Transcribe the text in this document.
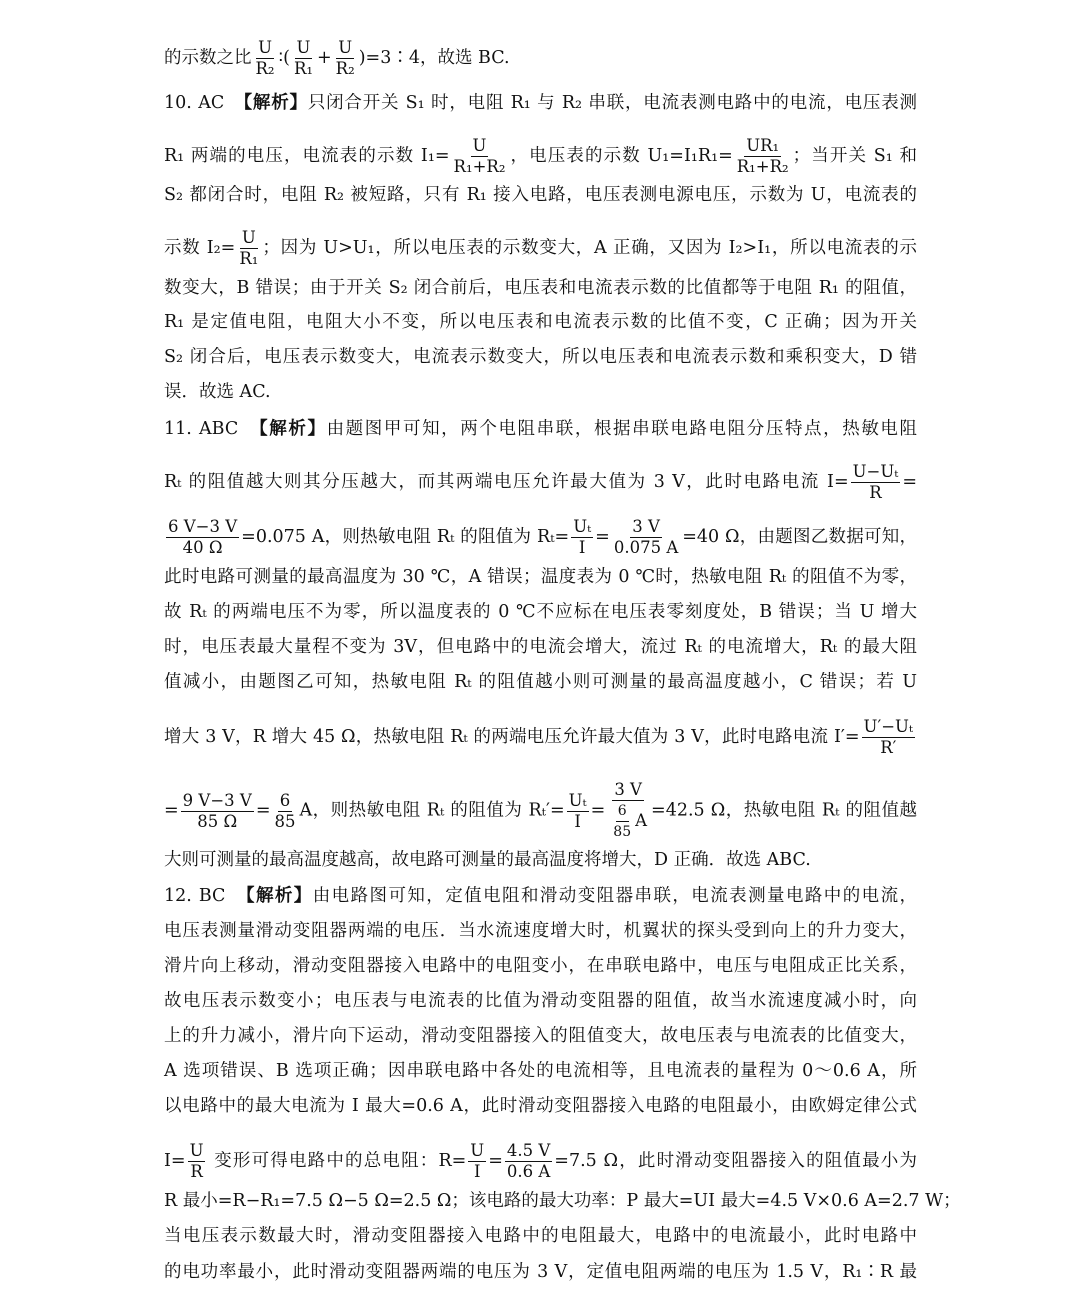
的示数之比 $\frac{U}{\text{R₂}}$ ∶( $\frac{U}{\text{R₁}} + \frac{U}{\text{R₂}}$ )=3∶4，故选 BC.
10. AC　 【解析】只闭合开关 S₁ 时，电阻 R₁ 与 R₂ 串联，电流表测电路中的电流，电压表测
R₁ 两端的电压，电流表的示数 $I_1= \frac{U}{\text{R₁+R₂}}$ ，电压表的示数 $U_1=I_1R_1= \frac{\text{UR₁}}{\text{R₁+R₂}}$ ；当开关 S₁ 和
S₂ 都闭合时，电阻 R₂ 被短路，只有 R₁ 接入电路，电压表测电源电压，示数为 U，电流表的
示数 $I_2= \frac{U}{\text{R₁}}$ ；因为 U>U₁，所以电压表的示数变大，A 正确，又因为 I₂>I₁，所以电流表的示
数变大，B 错误；由于开关 S₂ 闭合前后，电压表和电流表示数的比值都等于电阻 R₁ 的阻值，
R₁ 是定值电阻，电阻大小不变，所以电压表和电流表示数的比值不变，C 正确；因为开关
S₂ 闭合后，电压表示数变大，电流表示数变大，所以电压表和电流表示数和乘积变大，D 错
误．故选 AC.
11. ABC　 【解析】由题图甲可知，两个电阻串联，根据串联电路电阻分压特点，热敏电阻
Rₜ 的阻值越大则其分压越大，而其两端电压允许最大值为 3 V，此时电路电流 $I= \frac{\text{U−Uₜ}}{R}$ =
$\frac{6 V-3 V}{40 \Omega} =0.075$ A，则热敏电阻 Rₜ 的阻值为 $R_t= \frac{\text{Uₜ}}{I} = \frac{3 V}{0.075 A} =40$ Ω，由题图乙数据可知，
此时电路可测量的最高温度为 30 ℃，A 错误；温度表为 0 ℃时，热敏电阻 Rₜ 的阻值不为零，
故 Rₜ 的两端电压不为零，所以温度表的 0 ℃不应标在电压表零刻度处，B 错误；当 U 增大
时，电压表最大量程不变为 3V，但电路中的电流会增大，流过 Rₜ 的电流增大，Rₜ 的最大阻
值减小，由题图乙可知，热敏电阻 Rₜ 的阻值越小则可测量的最高温度越小，C 错误；若 U
增大 3 V，R 增大 45 Ω，热敏电阻 Rₜ 的两端电压允许最大值为 3 V，此时电路电流 $I'= \frac{\text{U′−Uₜ}}{R'}$
= $\frac{9 V-3 V}{85 \Omega} = \frac{6}{85}$ A，则热敏电阻 Rₜ 的阻值为 $R_t'= \frac{\text{Uₜ}}{I} = \frac{3 V}{\frac{6}{85} A} =42.5$ Ω，热敏电阻 Rₜ 的阻值越
大则可测量的最高温度越高，故电路可测量的最高温度将增大，D 正确．故选 ABC.
12. BC　 【解析】由电路图可知，定值电阻和滑动变阻器串联，电流表测量电路中的电流，
电压表测量滑动变阻器两端的电压．当水流速度增大时，机翼状的探头受到向上的升力变大，
滑片向上移动，滑动变阻器接入电路中的电阻变小，在串联电路中，电压与电阻成正比关系，
故电压表示数变小；电压表与电流表的比值为滑动变阻器的阻值，故当水流速度减小时，向
上的升力减小，滑片向下运动，滑动变阻器接入的阻值变大，故电压表与电流表的比值变大，
A 选项错误、B 选项正确；因串联电路中各处的电流相等，且电流表的量程为 0～0.6 A，所
以电路中的最大电流为 I 最大=0.6 A，此时滑动变阻器接入电路的电阻最小，由欧姆定律公式
$I= \frac{U}{R}$ 变形可得电路中的总电阻：$R= \frac{U}{I} = \frac{4.5 V}{0.6 A} =7.5$ Ω，此时滑动变阻器接入的阻值最小为
R 最小=R−R₁=7.5 Ω−5 Ω=2.5 Ω；该电路的最大功率：P 最大=UI 最大=4.5 V×0.6 A=2.7 W；
当电压表示数最大时，滑动变阻器接入电路中的电阻最大，电路中的电流最小，此时电路中
的电功率最小，此时滑动变阻器两端的电压为 3 V，定值电阻两端的电压为 1.5 V，R₁∶R 最
